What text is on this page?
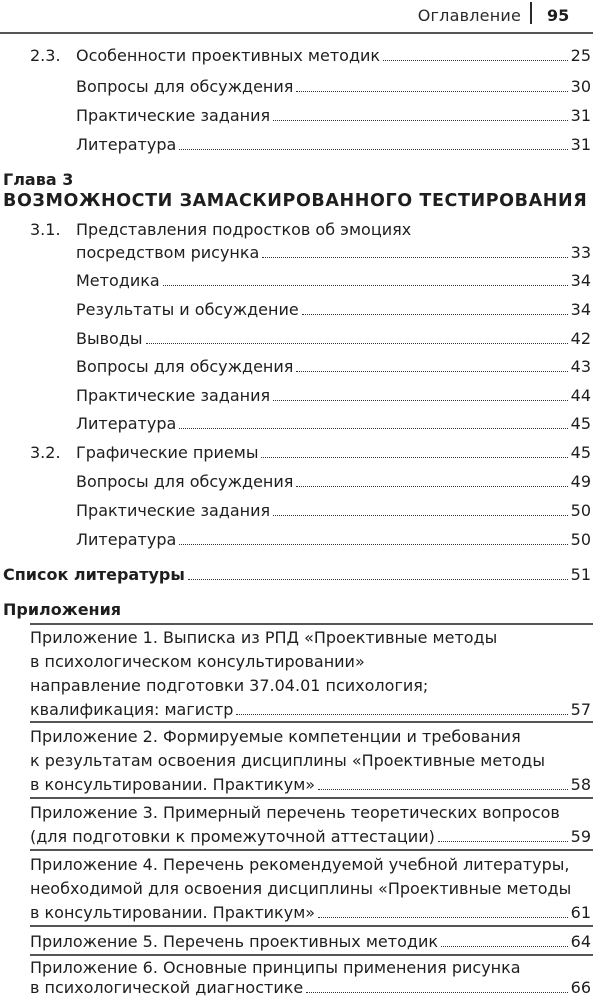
Оглавление 95
2.3. Особенности проективных методик	25
Вопросы для обсуждения	30
Практические задания	31
Литература	31
Глава 3
ВОЗМОЖНОСТИ ЗАМАСКИРОВАННОГО ТЕСТИРОВАНИЯ
3.1. Представления подростков об эмоциях
посредством рисунка	33
Методика	34
Результаты и обсуждение	34
Выводы	42
Вопросы для обсуждения	43
Практические задания	44
Литература	45
3.2. Графические приемы	45
Вопросы для обсуждения	49
Практические задания	50
Литература	50
Список литературы	51
Приложения
Приложение 1. Выписка из РПД «Проективные методы
в психологическом консультировании»
направление подготовки 37.04.01 психология;
квалификация: магистр	57
Приложение 2. Формируемые компетенции и требования
к результатам освоения дисциплины «Проективные методы
в консультировании. Практикум»	58
Приложение 3. Примерный перечень теоретических вопросов
(для подготовки к промежуточной аттестации)	59
Приложение 4. Перечень рекомендуемой учебной литературы,
необходимой для освоения дисциплины «Проективные методы
в консультировании. Практикум»	61
Приложение 5. Перечень проективных методик	64
Приложение 6. Основные принципы применения рисунка
в психологической диагностике	66
